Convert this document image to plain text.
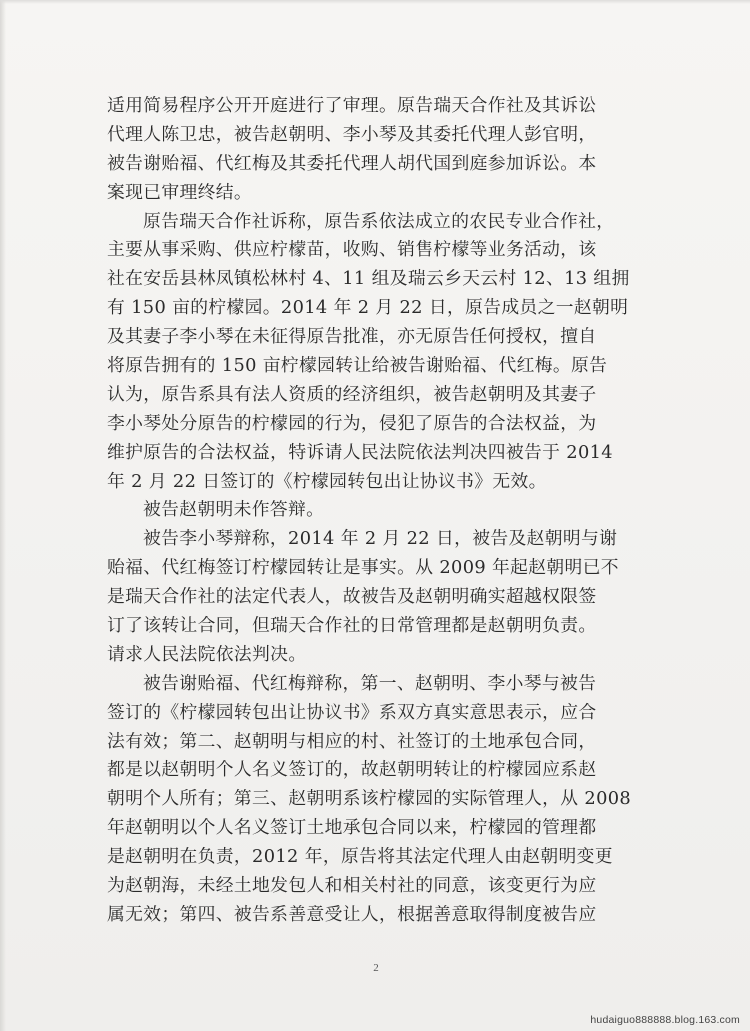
适用简易程序公开开庭进行了审理。原告瑞天合作社及其诉讼
代理人陈卫忠，被告赵朝明、李小琴及其委托代理人彭官明，
被告谢贻福、代红梅及其委托代理人胡代国到庭参加诉讼。本
案现已审理终结。
原告瑞天合作社诉称，原告系依法成立的农民专业合作社，
主要从事采购、供应柠檬苗，收购、销售柠檬等业务活动，该
社在安岳县林凤镇松林村 4、11 组及瑞云乡天云村 12、13 组拥
有 150 亩的柠檬园。2014 年 2 月 22 日，原告成员之一赵朝明
及其妻子李小琴在未征得原告批准，亦无原告任何授权，擅自
将原告拥有的 150 亩柠檬园转让给被告谢贻福、代红梅。原告
认为，原告系具有法人资质的经济组织，被告赵朝明及其妻子
李小琴处分原告的柠檬园的行为，侵犯了原告的合法权益，为
维护原告的合法权益，特诉请人民法院依法判决四被告于 2014
年 2 月 22 日签订的《柠檬园转包出让协议书》无效。
被告赵朝明未作答辩。
被告李小琴辩称，2014 年 2 月 22 日，被告及赵朝明与谢
贻福、代红梅签订柠檬园转让是事实。从 2009 年起赵朝明已不
是瑞天合作社的法定代表人，故被告及赵朝明确实超越权限签
订了该转让合同，但瑞天合作社的日常管理都是赵朝明负责。
请求人民法院依法判决。
被告谢贻福、代红梅辩称，第一、赵朝明、李小琴与被告
签订的《柠檬园转包出让协议书》系双方真实意思表示，应合
法有效；第二、赵朝明与相应的村、社签订的土地承包合同，
都是以赵朝明个人名义签订的，故赵朝明转让的柠檬园应系赵
朝明个人所有；第三、赵朝明系该柠檬园的实际管理人，从 2008
年赵朝明以个人名义签订土地承包合同以来，柠檬园的管理都
是赵朝明在负责，2012 年，原告将其法定代理人由赵朝明变更
为赵朝海，未经土地发包人和相关村社的同意，该变更行为应
属无效；第四、被告系善意受让人，根据善意取得制度被告应
2
hudaiguo888888.blog.163.com
